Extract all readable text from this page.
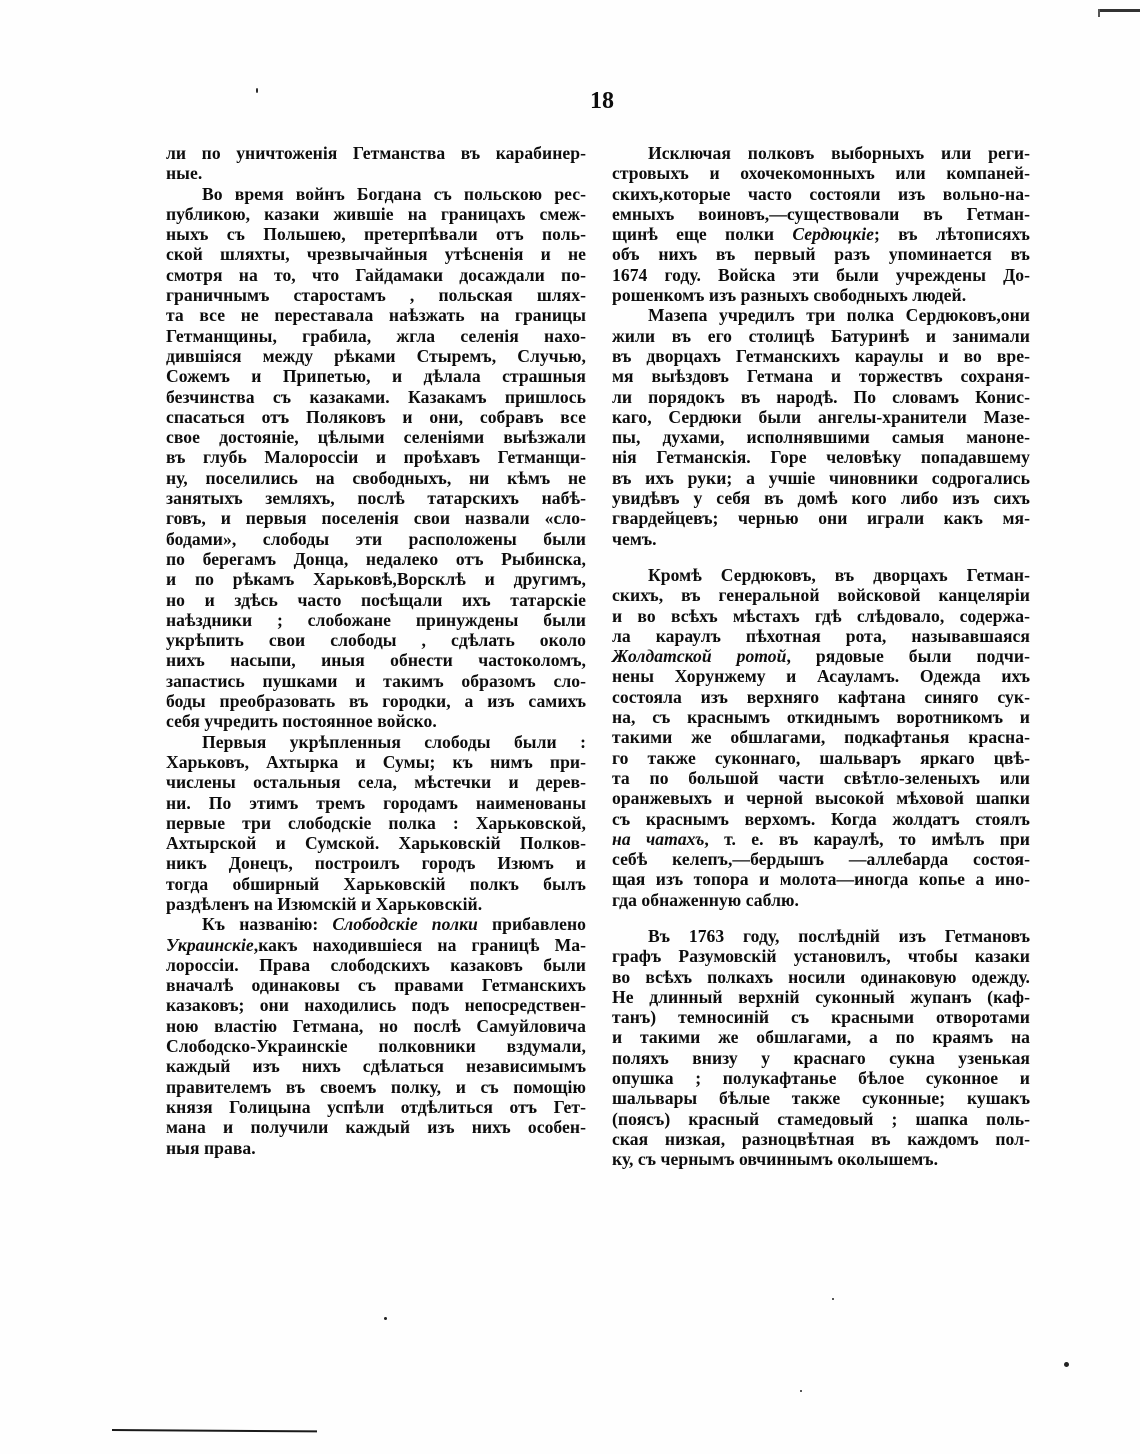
18
ли по уничтоженія Гетманства въ карабинер-
ные.
Во время войнъ Богдана съ польскою рес-
публикою, казаки жившіе на границахъ смеж-
ныхъ съ Польшею, претерпѣвали отъ поль-
ской шляхты, чрезвычайныя утѣсненія и не
смотря на то, что Гайдамаки досаждали по-
граничнымъ старостамъ , польская шлях-
та все не переставала наѣзжать на границы
Гетманщины, грабила, жгла селенія нахо-
дившіяся между рѣками Стыремъ, Случью,
Сожемъ и Припетью, и дѣлала страшныя
безчинства съ казаками. Казакамъ пришлось
спасаться отъ Поляковъ и они, собравъ все
свое достояніе, цѣлыми селеніями выѣзжали
въ глубь Малороссіи и проѣхавъ Гетманщи-
ну, поселились на свободныхъ, ни кѣмъ не
занятыхъ земляхъ, послѣ татарскихъ набѣ-
говъ, и первыя поселенія свои назвали «сло-
бодами», слободы эти расположены были
по берегамъ Донца, недалеко отъ Рыбинска,
и по рѣкамъ Харьковѣ,Ворсклѣ и другимъ,
но и здѣсь часто посѣщали ихъ татарскіе
наѣздники ; слобожане принуждены были
укрѣпить свои слободы , сдѣлать около
нихъ насыпи, иныя обнести частоколомъ,
запастись пушками и такимъ образомъ сло-
боды преобразовать въ городки, а изъ самихъ
себя учредить постоянное войско.
Первыя укрѣпленныя слободы были :
Харьковъ, Ахтырка и Сумы; къ нимъ при-
числены остальныя села, мѣстечки и дерев-
ни. По этимъ тремъ городамъ наименованы
первые три слободскіе полка : Харьковской,
Ахтырской и Сумской. Харьковскій Полков-
никъ Донецъ, построилъ городъ Изюмъ и
тогда обширный Харьковскій полкъ былъ
раздѣленъ на Изюмскій и Харьковскій.
Къ названію: Слободскіе полки прибавлено
Украинскіе,какъ находившіеся на границѣ Ма-
лороссіи. Права слободскихъ казаковъ были
вначалѣ одинаковы съ правами Гетманскихъ
казаковъ; они находились подъ непосредствен-
ною властію Гетмана, но послѣ Самуйловича
Слободско-Украинскіе полковники вздумали,
каждый изъ нихъ сдѣлаться независимымъ
правителемъ въ своемъ полку, и съ помощію
князя Голицына успѣли отдѣлиться отъ Гет-
мана и получили каждый изъ нихъ особен-
ныя права.
Исключая полковъ выборныхъ или реги-
стровыхъ и охочекомонныхъ или компаней-
скихъ,которые часто состояли изъ вольно-на-
емныхъ воиновъ,—существовали въ Гетман-
щинѣ еще полки Сердюцкіе; въ лѣтописяхъ
объ нихъ въ первый разъ упоминается въ
1674 году. Войска эти были учреждены До-
рошенкомъ изъ разныхъ свободныхъ людей.
Мазепа учредилъ три полка Сердюковъ,они
жили въ его столицѣ Батуринѣ и занимали
въ дворцахъ Гетманскихъ караулы и во вре-
мя выѣздовъ Гетмана и торжествъ сохраня-
ли порядокъ въ народѣ. По словамъ Конис-
каго, Сердюки были ангелы-хранители Мазе-
пы, духами, исполнявшими самыя маноне-
нія Гетманскія. Горе человѣку попадавшему
въ ихъ руки; а учшіе чиновники содрогались
увидѣвъ у себя въ домѣ кого либо изъ сихъ
гвардейцевъ; чернью они играли какъ мя-
чемъ.
Кромѣ Сердюковъ, въ дворцахъ Гетман-
скихъ, въ генеральной войсковой канцеляріи
и во всѣхъ мѣстахъ гдѣ слѣдовало, содержа-
ла караулъ пѣхотная рота, называвшаяся
Жолдатской ротой, рядовые были подчи-
нены Хорунжему и Асауламъ. Одежда ихъ
состояла изъ верхняго кафтана синяго сук-
на, съ краснымъ откиднымъ воротникомъ и
такими же обшлагами, подкафтанья красна-
го также суконнаго, шальваръ яркаго цвѣ-
та по большой части свѣтло-зеленыхъ или
оранжевыхъ и черной высокой мѣховой шапки
съ краснымъ верхомъ. Когда жолдатъ стоялъ
на чатахъ, т. е. въ караулѣ, то имѣлъ при
себѣ келепъ,—бердышъ —аллебарда состоя-
щая изъ топора и молота—иногда копье а ино-
гда обнаженную саблю.
Въ 1763 году, послѣдній изъ Гетмановъ
графъ Разумовскій установилъ, чтобы казаки
во всѣхъ полкахъ носили одинаковую одежду.
Не длинный верхній суконный жупанъ (каф-
танъ) темносиній съ красными отворотами
и такими же обшлагами, а по краямъ на
поляхъ внизу у краснаго сукна узенькая
опушка ; полукафтанье бѣлое суконное и
шальвары бѣлые также суконные; кушакъ
(поясъ) красный стамедовый ; шапка поль-
ская низкая, разноцвѣтная въ каждомъ пол-
ку, съ чернымъ овчиннымъ околышемъ.
